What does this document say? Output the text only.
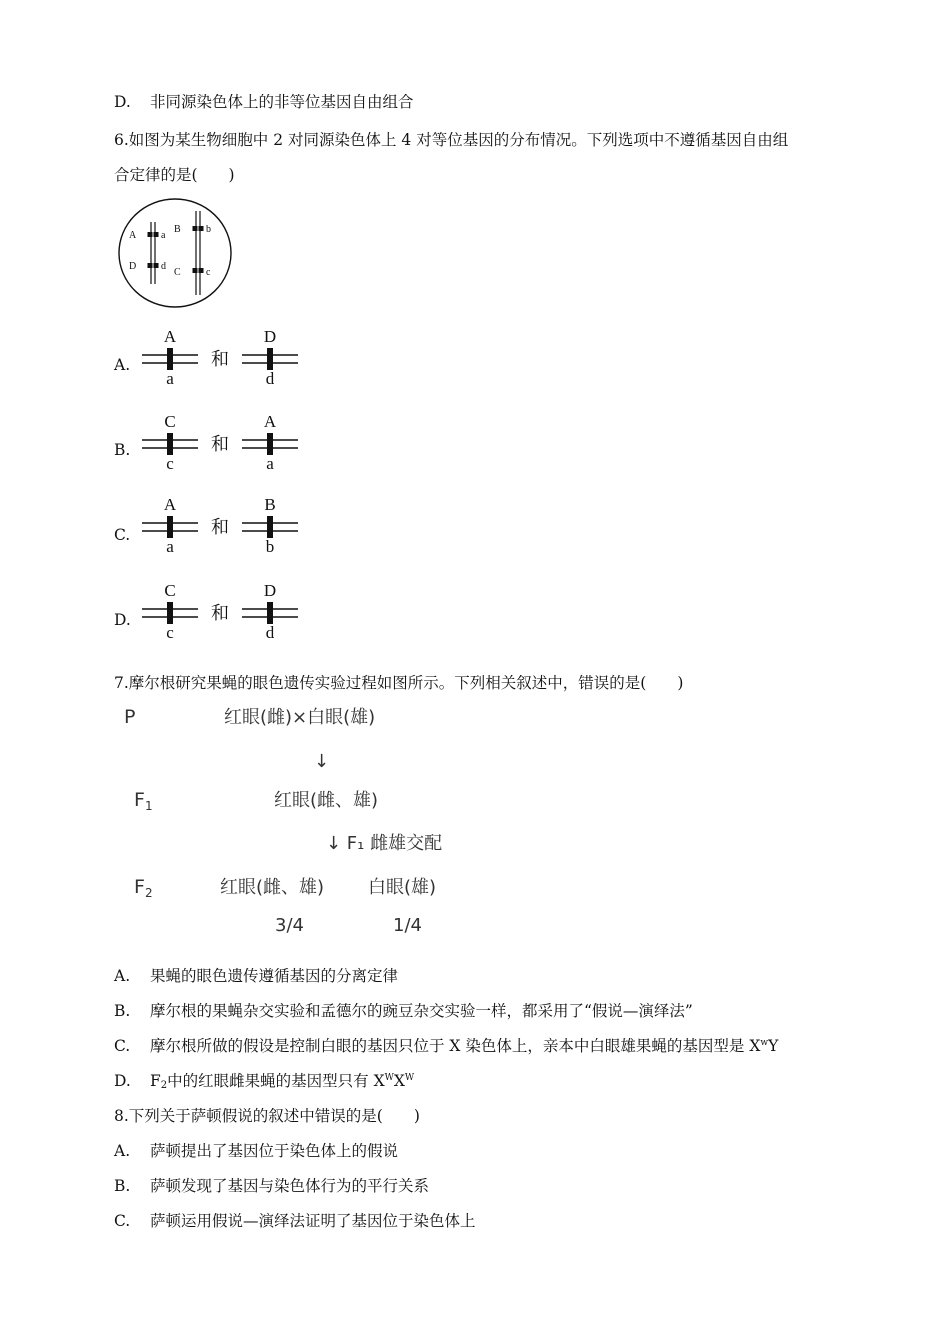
D. 非同源染色体上的非等位基因自由组合
6.如图为某生物细胞中 2 对同源染色体上 4 对等位基因的分布情况。下列选项中不遵循基因自由组
合定律的是(　　)
A a
D d
B	b
C	c
A.
A
a
和
D
d
B.
C
c
和
A
a
C.
A
a
和
B
b
D.
C
c
和
D
d
7.摩尔根研究果蝇的眼色遗传实验过程如图所示。下列相关叙述中，错误的是(　　)
P	红眼(雌)×白眼(雄)
↓
$F_1$	红眼(雌、雄)
↓ F₁ 雌雄交配
$F_2$	红眼(雌、雄) 白眼(雄)
3/4	1/4
A. 果蝇的眼色遗传遵循基因的分离定律
B. 摩尔根的果蝇杂交实验和孟德尔的豌豆杂交实验一样，都采用了“假说—演绎法”
C. 摩尔根所做的假设是控制白眼的基因只位于 X 染色体上，亲本中白眼雄果蝇的基因型是 $X^wY$
D. $F_2$中的红眼雌果蝇的基因型只有 $X^WX^W$
8.下列关于萨顿假说的叙述中错误的是(　　)
A. 萨顿提出了基因位于染色体上的假说
B. 萨顿发现了基因与染色体行为的平行关系
C. 萨顿运用假说—演绎法证明了基因位于染色体上
